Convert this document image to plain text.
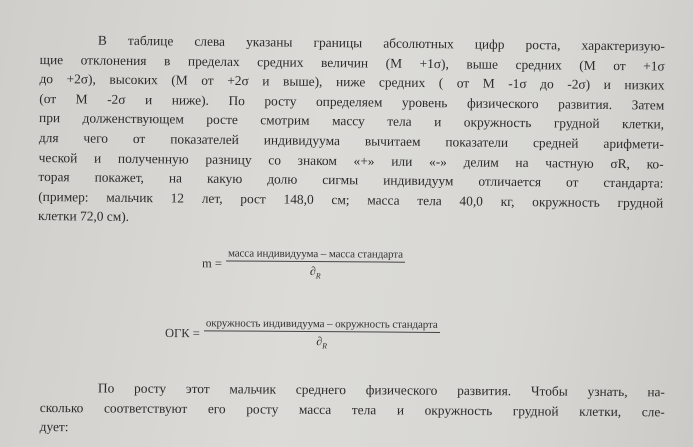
В таблице слева указаны границы абсолютных цифр роста, характеризую-
щие отклонения в пределах средних величин (М +1σ), выше средних (М от +1σ
до +2σ), высоких (М от +2σ и выше), ниже средних ( от М -1σ до -2σ) и низких
(от М -2σ и ниже). По росту определяем уровень физического развития. Затем
при долженствующем росте смотрим массу тела и окружность грудной клетки,
для чего от показателей индивидуума вычитаем показатели средней арифмети-
ческой и полученную разницу со знаком «+» или «-» делим на частную σR, ко-
торая покажет, на какую долю сигмы индивидуум отличается от стандарта:
(пример: мальчик 12 лет, рост 148,0 см; масса тела 40,0 кг, окружность грудной
клетки 72,0 см).

$m = \frac{\text{масса индивидуума – масса стандарта}}{\partial_R}$
ОГК = $\frac{\text{окружность индивидуума – окружность стандарта}}{\partial_R}$

По росту этот мальчик среднего физического развития. Чтобы узнать, на-
сколько соответствуют его росту масса тела и окружность грудной клетки, сле-
дует:
